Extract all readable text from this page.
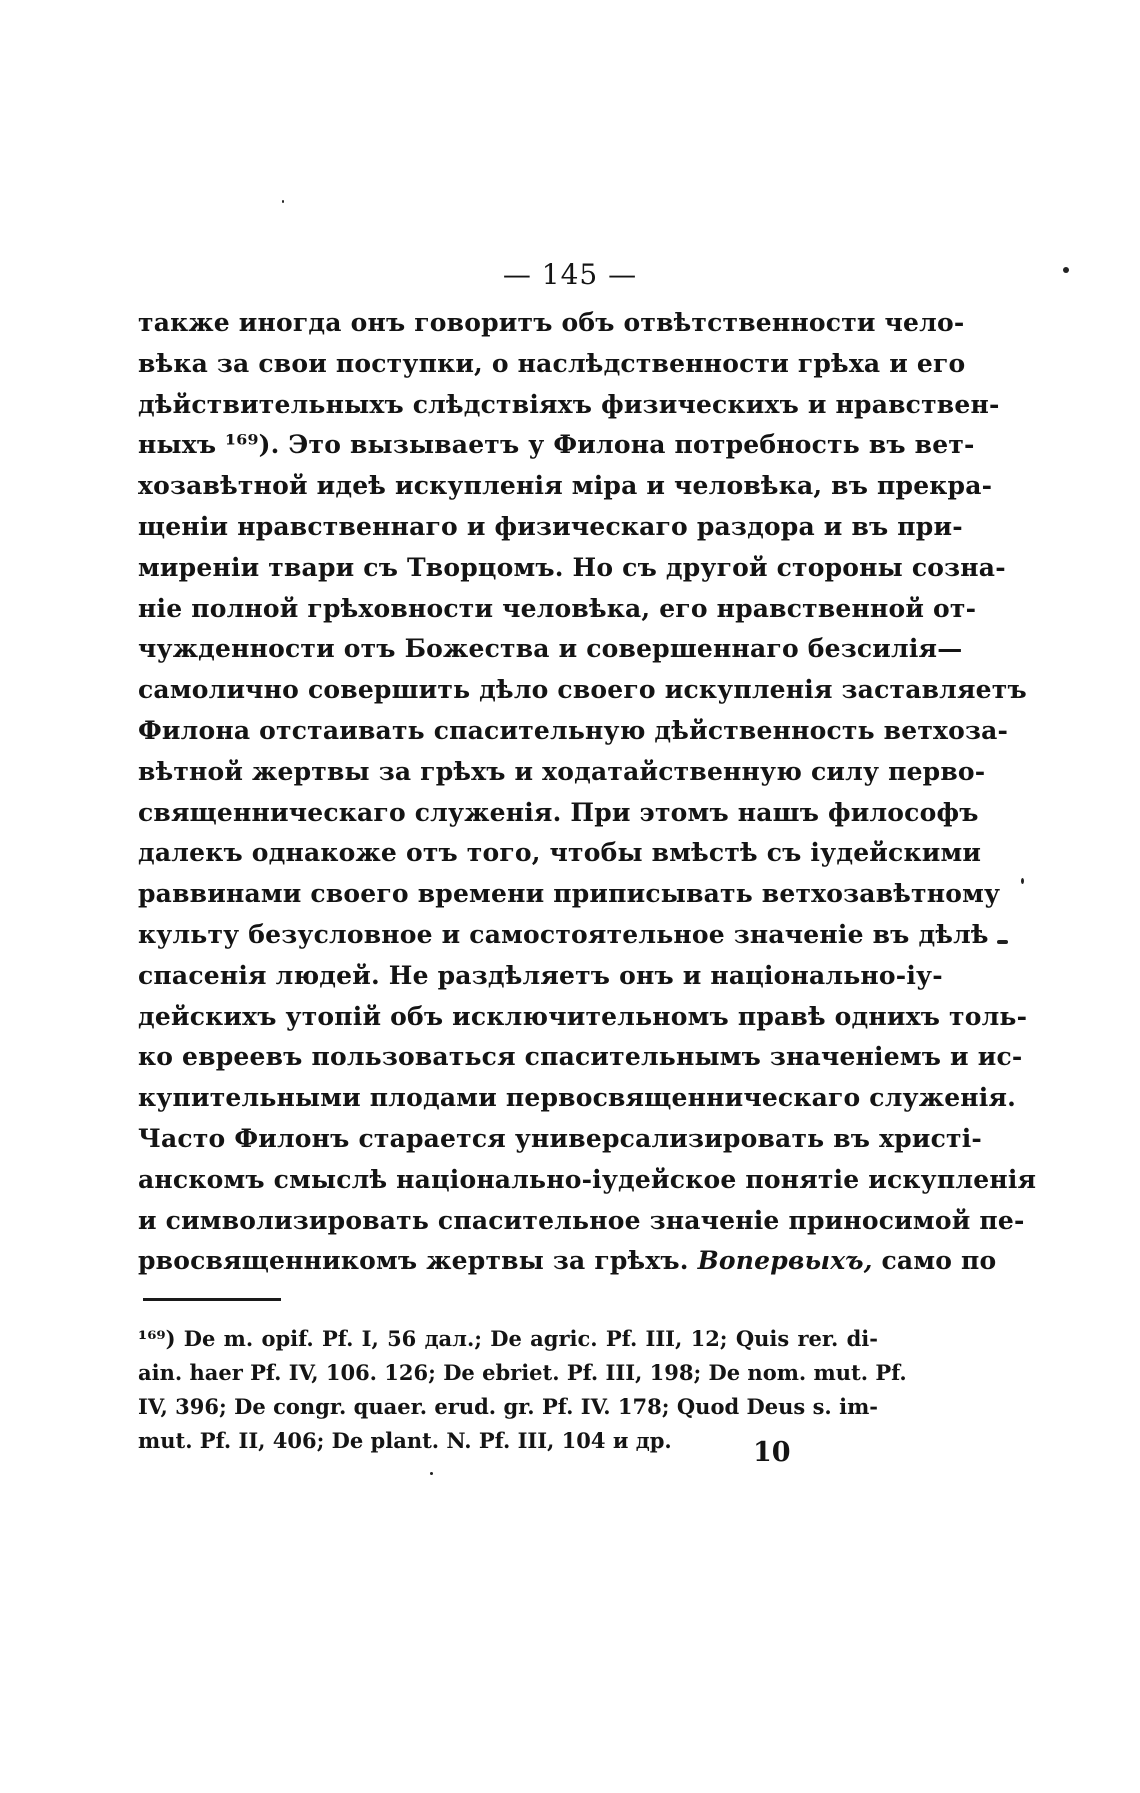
— 145 —
также иногда онъ говоритъ объ отвѣтственности чело-
вѣка за свои поступки, о наслѣдственности грѣха и его
дѣйствительныхъ слѣдствіяхъ физическихъ и нравствен-
ныхъ ¹⁶⁹). Это вызываетъ у Филона потребность въ вет-
хозавѣтной идеѣ искупленія міра и человѣка, въ прекра-
щеніи нравственнаго и физическаго раздора и въ при-
миреніи твари съ Творцомъ. Но съ другой стороны созна-
ніе полной грѣховности человѣка, его нравственной от-
чужденности отъ Божества и совершеннаго безсилія—
самолично совершить дѣло своего искупленія заставляетъ
Филона отстаивать спасительную дѣйственность ветхоза-
вѣтной жертвы за грѣхъ и ходатайственную силу перво-
священническаго служенія. При этомъ нашъ философъ
далекъ однакоже отъ того, чтобы вмѣстѣ съ іудейскими
раввинами своего времени приписывать ветхозавѣтному
культу безусловное и самостоятельное значеніе въ дѣлѣ
спасенія людей. Не раздѣляетъ онъ и національно-іу-
дейскихъ утопій объ исключительномъ правѣ однихъ толь-
ко евреевъ пользоваться спасительнымъ значеніемъ и ис-
купительными плодами первосвященническаго служенія.
Часто Филонъ старается универсализировать въ христі-
анскомъ смыслѣ національно-іудейское понятіе искупленія
и символизировать спасительное значеніе приносимой пе-
рвосвященникомъ жертвы за грѣхъ. Вопервыхъ, само по
¹⁶⁹) De m. opif. Pf. I, 56 дал.; De agric. Pf. III, 12; Quis rer. di-
ain. haer Pf. IV, 106. 126; De ebriet. Pf. III, 198; De nom. mut. Pf.
IV, 396; De congr. quaer. erud. gr. Pf. IV. 178; Quod Deus s. im-
mut. Pf. II, 406; De plant. N. Pf. III, 104 и др.	10
